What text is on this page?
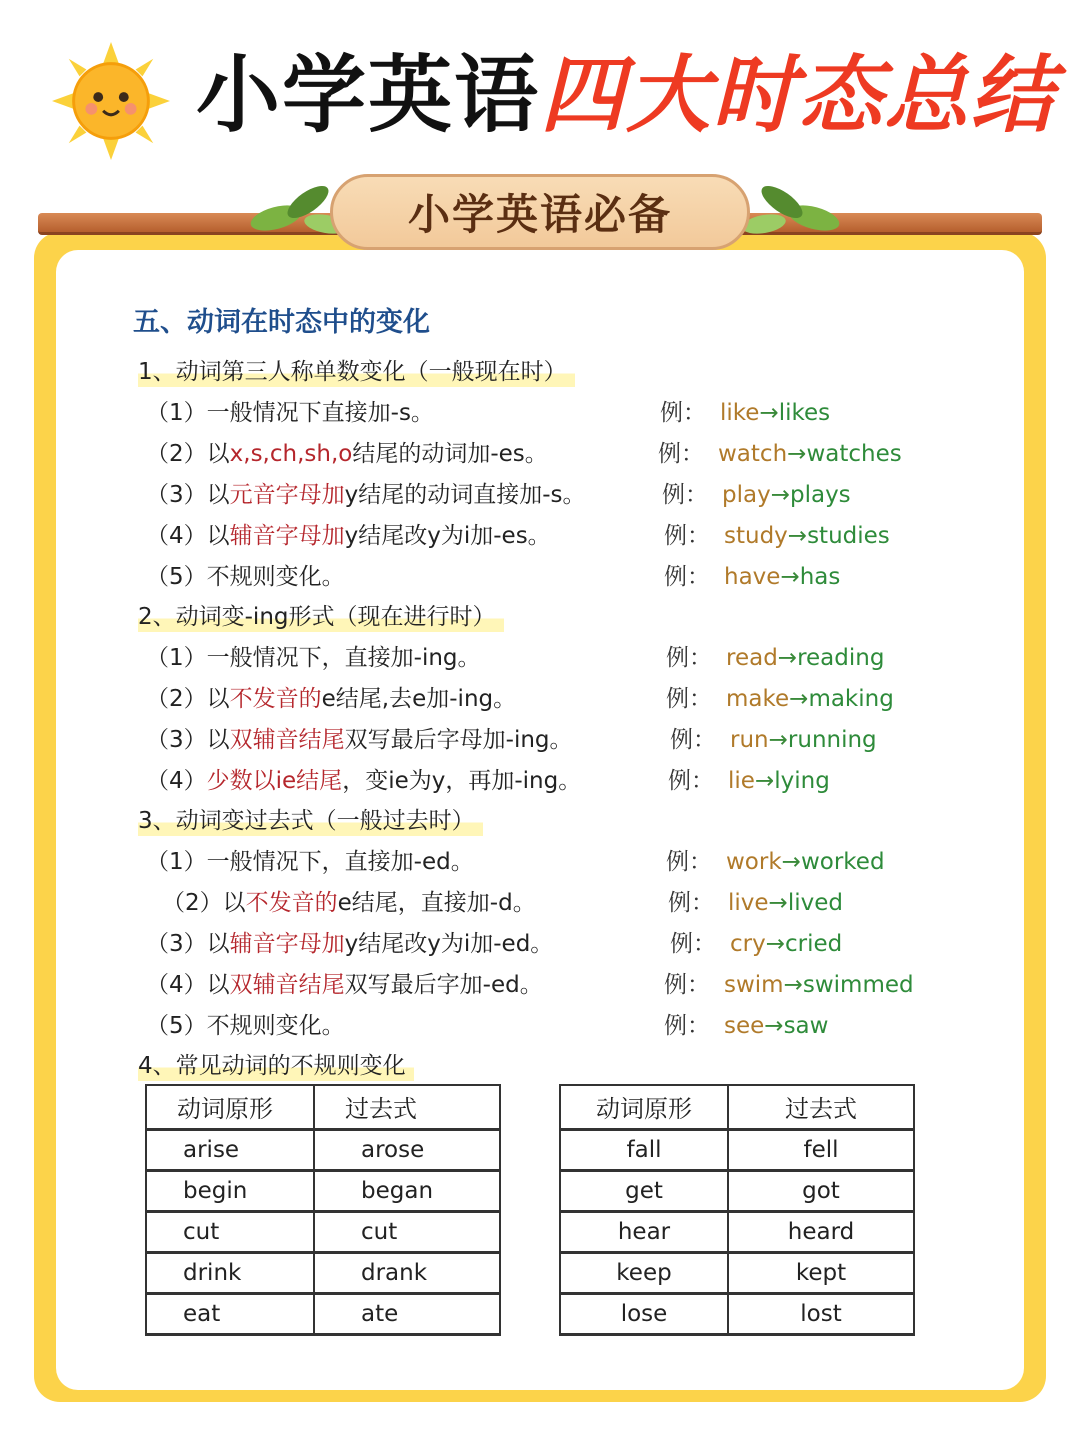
小学英语四大时态总结
小学英语必备
五、动词在时态中的变化
1、动词第三人称单数变化（一般现在时）
（1）一般情况下直接加-s。	例： like→likes
（2）以x,s,ch,sh,o结尾的动词加-es。	例： watch→watches
（3）以元音字母加y结尾的动词直接加-s。	例： play→plays
（4）以辅音字母加y结尾改y为i加-es。	例： study→studies
（5）不规则变化。	例： have→has
2、动词变-ing形式（现在进行时）
（1）一般情况下，直接加-ing。	例： read→reading
（2）以不发音的e结尾,去e加-ing。	例： make→making
（3）以双辅音结尾双写最后字母加-ing。	例： run→running
（4）少数以ie结尾，变ie为y，再加-ing。	例： lie→lying
3、动词变过去式（一般过去时）
（1）一般情况下，直接加-ed。	例： work→worked
（2）以不发音的e结尾，直接加-d。	例： live→lived
（3）以辅音字母加y结尾改y为i加-ed。	例： cry→cried
（4）以双辅音结尾双写最后字加-ed。	例： swim→swimmed
（5）不规则变化。	例： see→saw
4、常见动词的不规则变化
动词原形	过去式
arise	arose
begin	began
cut	cut
drink	drank
eat	ate
动词原形	过去式
fall	fell
get	got
hear	heard
keep	kept
lose	lost
